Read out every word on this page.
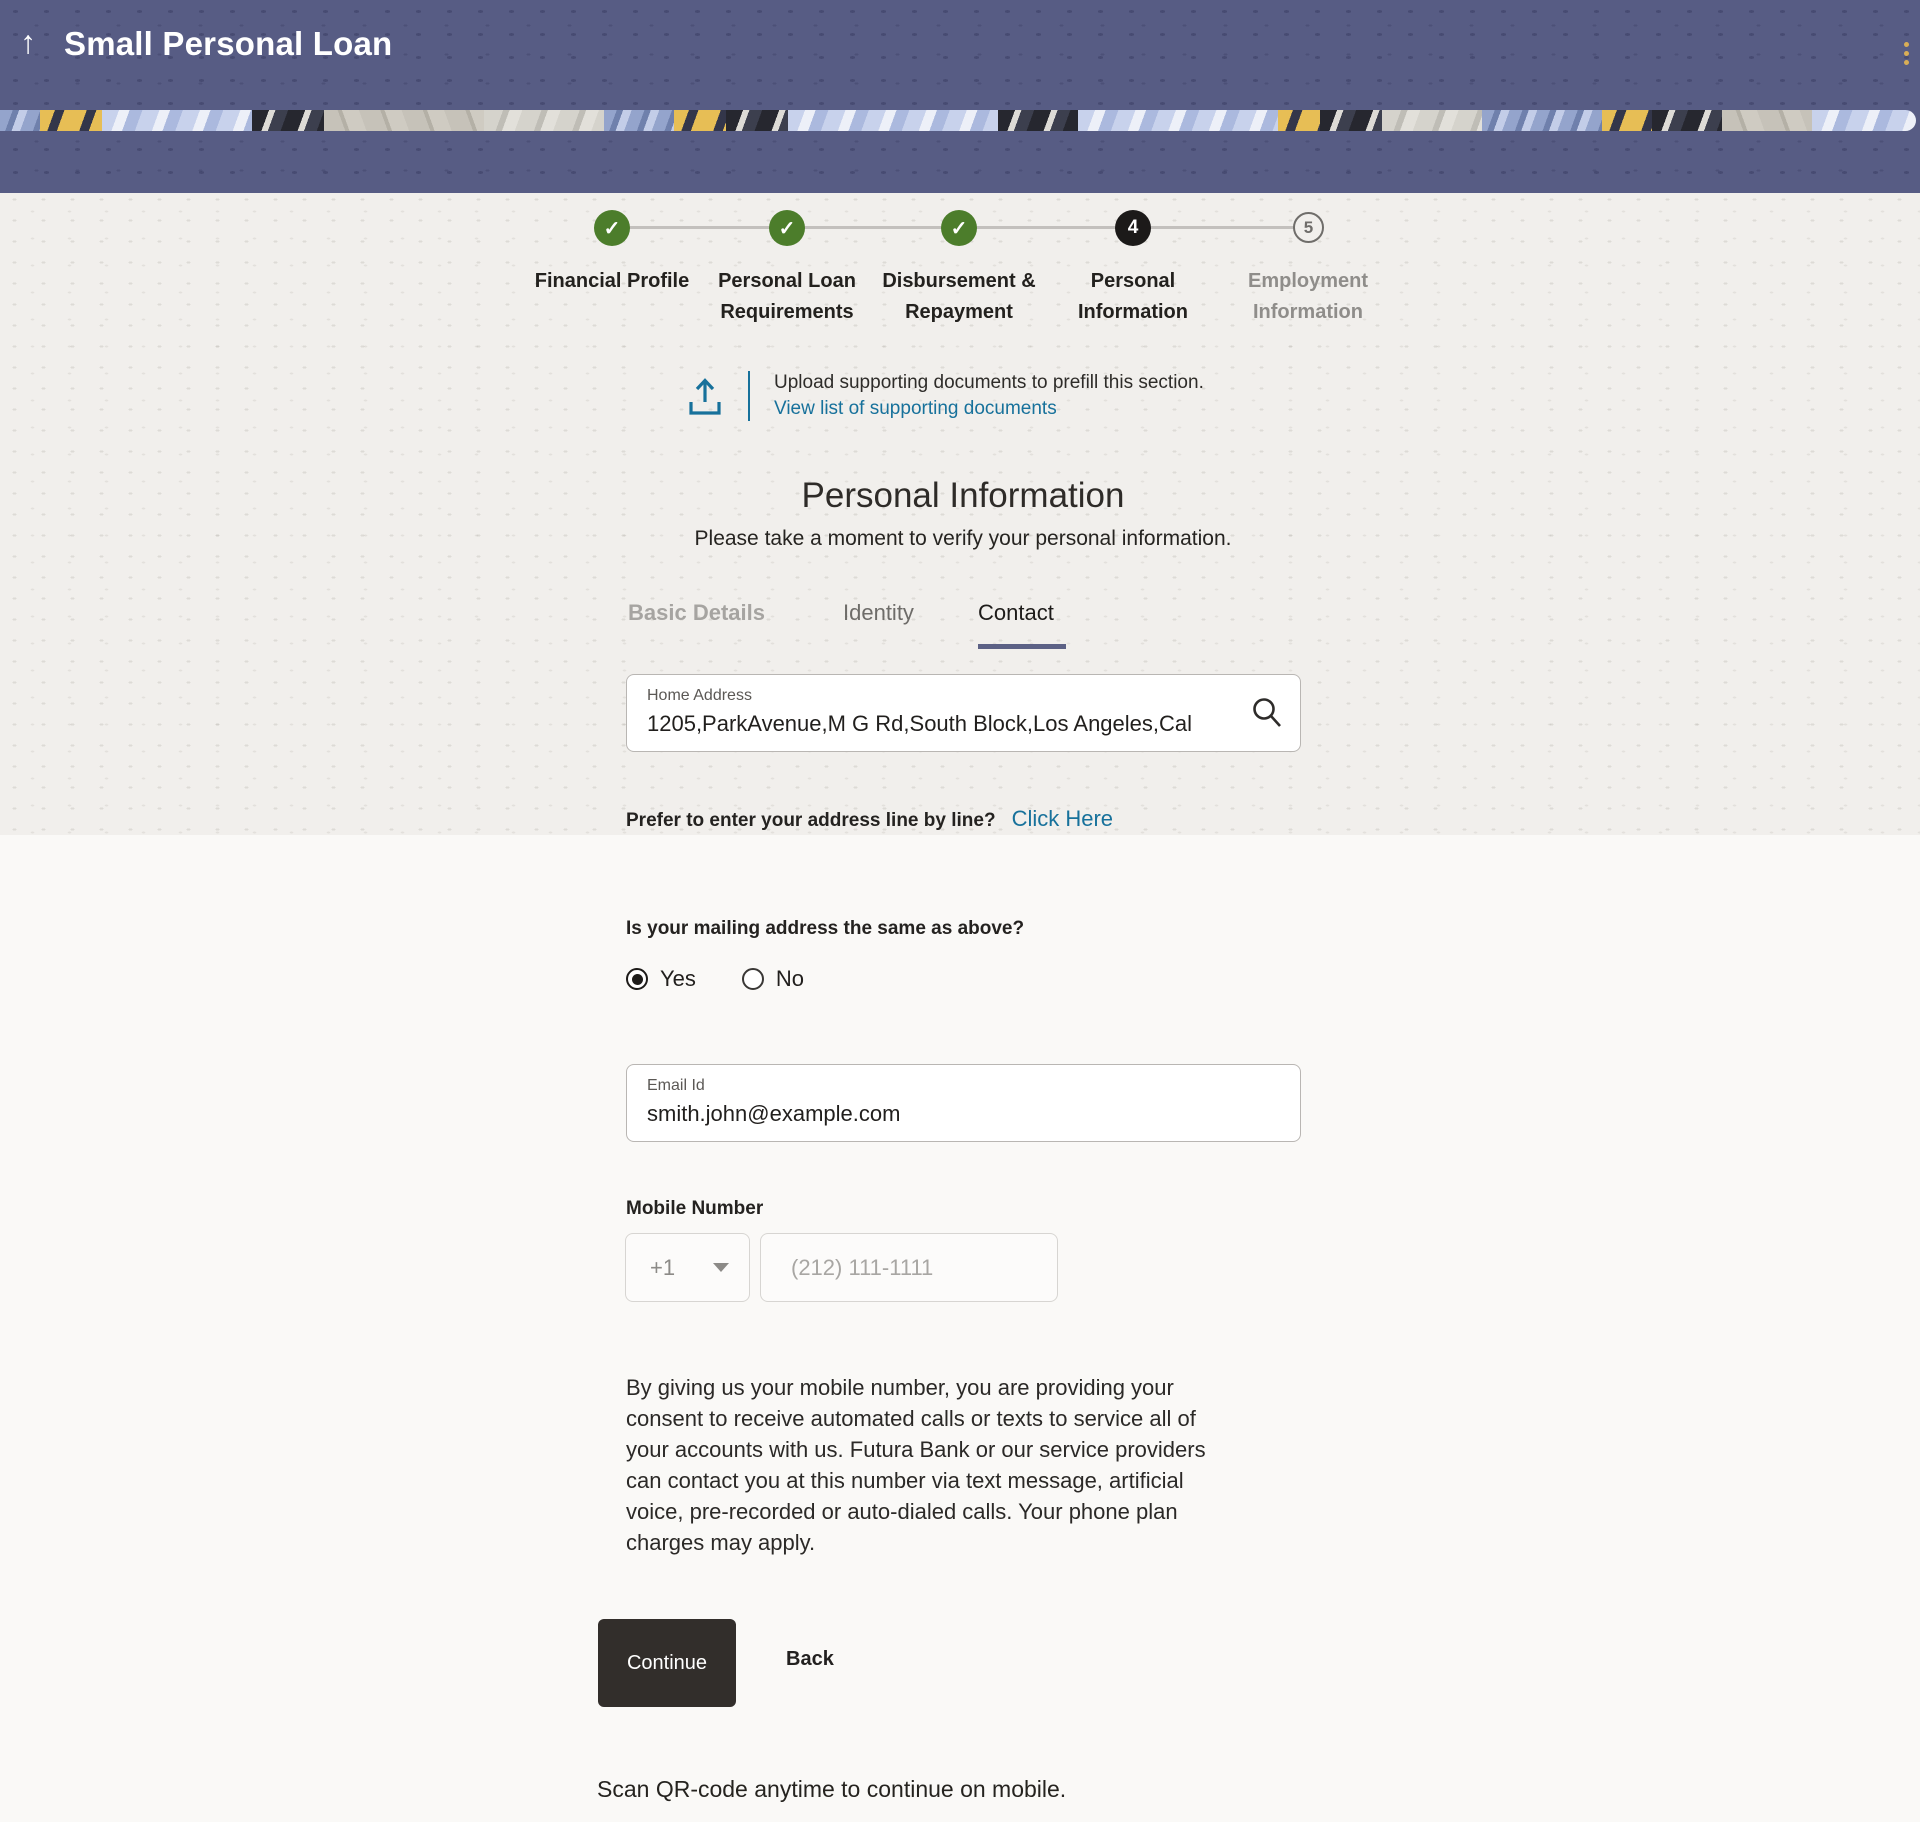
↑ Small Personal Loan
✓	✓	✓	4	5
Financial Profile	Personal Loan
Requirements
Disbursement &
Repayment
Personal
Information
Employment
Information
Upload supporting documents to prefill this section.
View list of supporting documents
Personal Information
Please take a moment to verify your personal information.
Basic Details	Identity	Contact
Home Address
1205,ParkAvenue,M G Rd,South Block,Los Angeles,Cal
Prefer to enter your address line by line? Click Here
Is your mailing address the same as above?
Yes	No
Email Id
smith.john@example.com
Mobile Number
+1
(212) 111-1111
By giving us your mobile number, you are providing your
consent to receive automated calls or texts to service all of
your accounts with us. Futura Bank or our service providers
can contact you at this number via text message, artificial
voice, pre-recorded or auto-dialed calls. Your phone plan
charges may apply.
Continue	Back
Scan QR-code anytime to continue on mobile.
